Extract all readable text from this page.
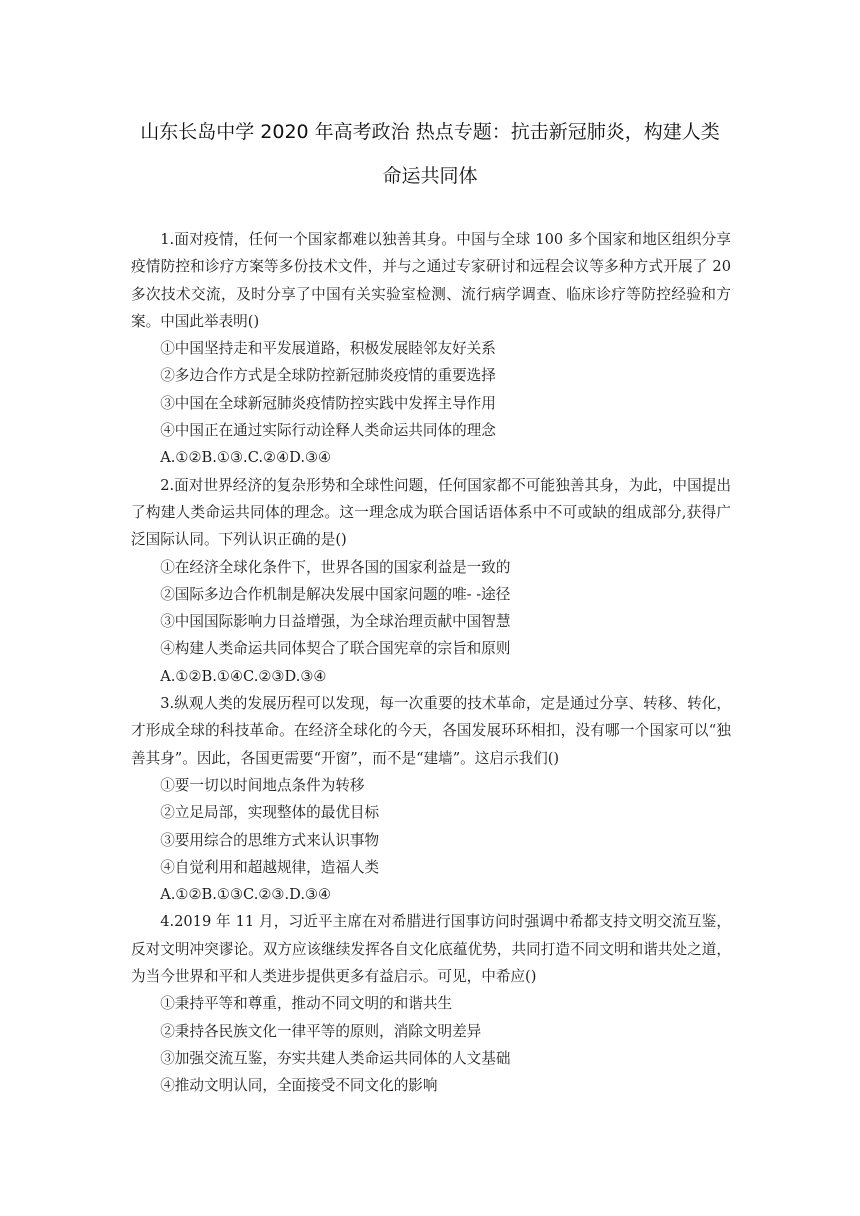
山东长岛中学 2020 年高考政治 热点专题：抗击新冠肺炎，构建人类
命运共同体

1.面对疫情，任何一个国家都难以独善其身。中国与全球 100 多个国家和地区组织分享疫情防控和诊疗方案等多份技术文件，并与之通过专家研讨和远程会议等多种方式开展了 20 多次技术交流，及时分享了中国有关实验室检测、流行病学调查、临床诊疗等防控经验和方案。中国此举表明()

①中国坚持走和平发展道路，积极发展睦邻友好关系

②多边合作方式是全球防控新冠肺炎疫情的重要选择

③中国在全球新冠肺炎疫情防控实践中发挥主导作用

④中国正在通过实际行动诠释人类命运共同体的理念

A.①②B.①③.C.②④D.③④

2.面对世界经济的复杂形势和全球性问题，任何国家都不可能独善其身，为此，中国提出了构建人类命运共同体的理念。这一理念成为联合国话语体系中不可或缺的组成部分,获得广泛国际认同。下列认识正确的是()

①在经济全球化条件下，世界各国的国家利益是一致的

②国际多边合作机制是解决发展中国家问题的唯- -途径

③中国国际影响力日益增强，为全球治理贡献中国智慧

④构建人类命运共同体契合了联合国宪章的宗旨和原则

A.①②B.①④C.②③D.③④

3.纵观人类的发展历程可以发现，每一次重要的技术革命，定是通过分享、转移、转化，才形成全球的科技革命。在经济全球化的今天，各国发展环环相扣，没有哪一个国家可以“独善其身”。因此，各国更需要“开窗”，而不是“建墙”。这启示我们()

①要一切以时间地点条件为转移

②立足局部，实现整体的最优目标

③要用综合的思维方式来认识事物

④自觉利用和超越规律，造福人类

A.①②B.①③C.②③.D.③④

4.2019 年 11 月，习近平主席在对希腊进行国事访问时强调中希都支持文明交流互鉴，反对文明冲突谬论。双方应该继续发挥各自文化底蕴优势，共同打造不同文明和谐共处之道，为当今世界和平和人类进步提供更多有益启示。可见，中希应()

①秉持平等和尊重，推动不同文明的和谐共生

②秉持各民族文化一律平等的原则，消除文明差异

③加强交流互鉴，夯实共建人类命运共同体的人文基础

④推动文明认同，全面接受不同文化的影响
